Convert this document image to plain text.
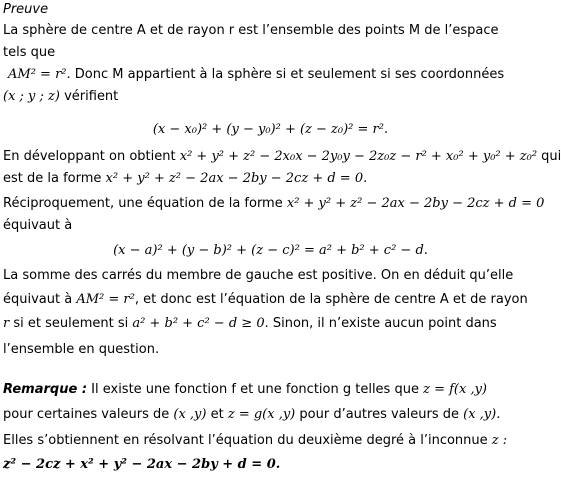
Preuve
La sphère de centre A et de rayon r est l’ensemble des points M de l’espace
tels que
AM² = r². Donc M appartient à la sphère si et seulement si ses coordonnées
(x ; y ; z) vérifient
(x − x₀)² + (y − y₀)² + (z − z₀)² = r².
En développant on obtient x² + y² + z² − 2x₀x − 2y₀y − 2z₀z − r² + x₀² + y₀² + z₀² qui
est de la forme x² + y² + z² − 2ax − 2by − 2cz + d = 0.
Réciproquement, une équation de la forme x² + y² + z² − 2ax − 2by − 2cz + d = 0
équivaut à
(x − a)² + (y − b)² + (z − c)² = a² + b² + c² − d.
La somme des carrés du membre de gauche est positive. On en déduit qu’elle
équivaut à AM² = r², et donc est l’équation de la sphère de centre A et de rayon
r si et seulement si a² + b² + c² − d ≥ 0. Sinon, il n’existe aucun point dans
l’ensemble en question.
Remarque : Il existe une fonction f et une fonction g telles que z = f(x ,y)
pour certaines valeurs de (x ,y) et z = g(x ,y) pour d’autres valeurs de (x ,y).
Elles s’obtiennent en résolvant l’équation du deuxième degré à l’inconnue z :
z² − 2cz + x² + y² − 2ax − 2by + d = 0.
